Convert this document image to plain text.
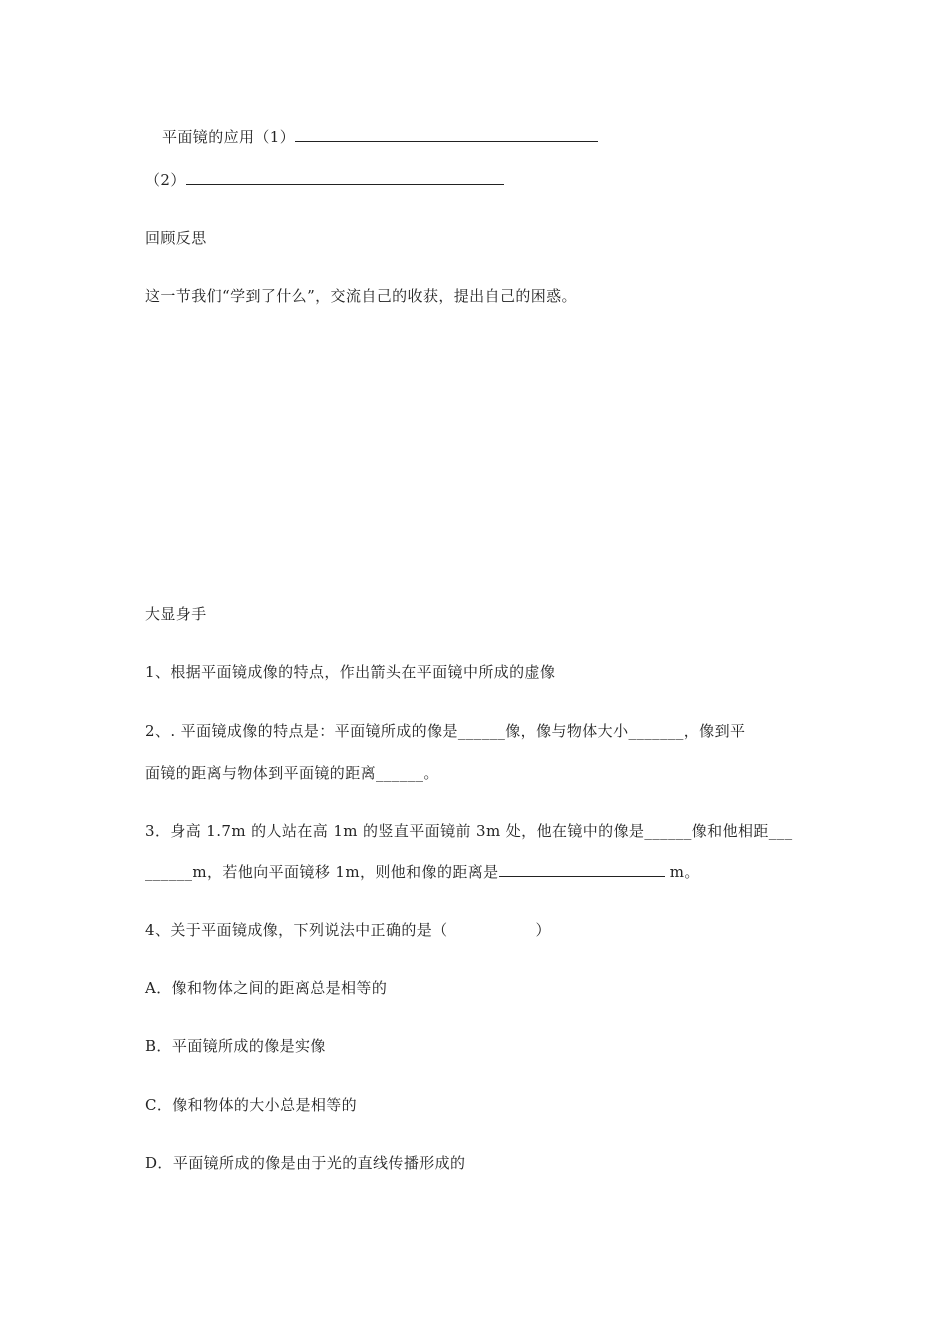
平面镜的应用（1）
（2）
回顾反思
这一节我们“学到了什么”，交流自己的收获，提出自己的困惑。
大显身手
1、根据平面镜成像的特点，作出箭头在平面镜中所成的虚像
2、. 平面镜成像的特点是：平面镜所成的像是______像，像与物体大小_______，像到平
面镜的距离与物体到平面镜的距离______。
3．身高 1.7m 的人站在高 1m 的竖直平面镜前 3m 处，他在镜中的像是______像和他相距___
______m，若他向平面镜移 1m，则他和像的距离是	m。
4、关于平面镜成像，下列说法中正确的是（	）
A．像和物体之间的距离总是相等的
B．平面镜所成的像是实像
C．像和物体的大小总是相等的
D．平面镜所成的像是由于光的直线传播形成的
